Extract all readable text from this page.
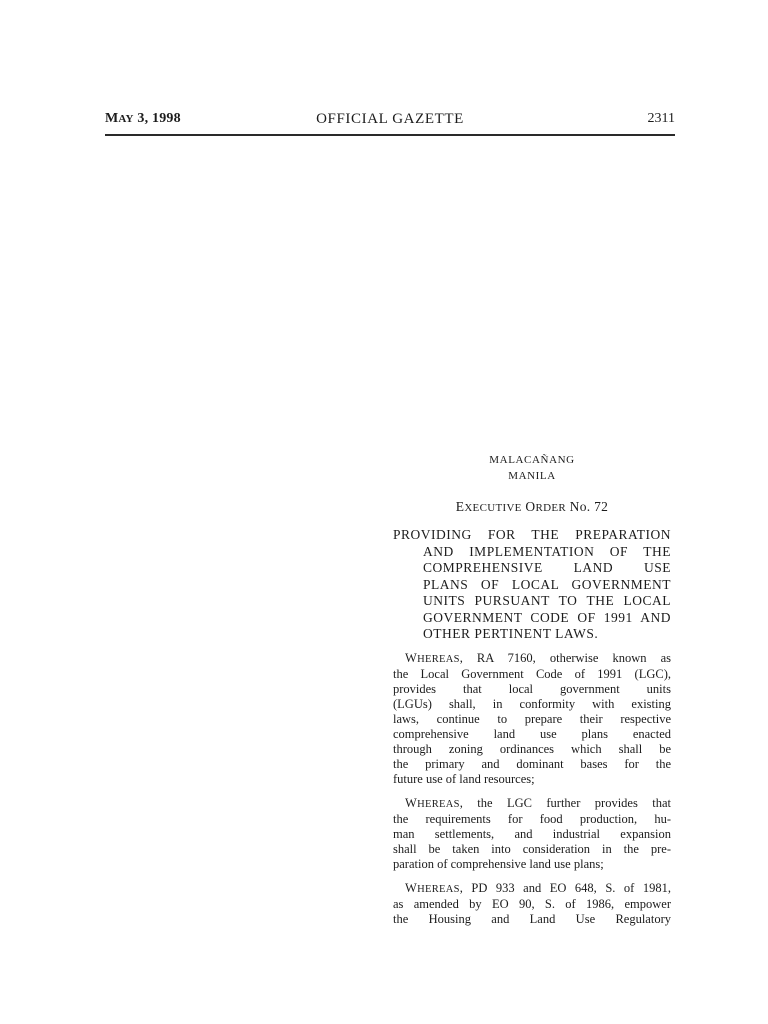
MAY 3, 1998	OFFICIAL GAZETTE	2311

MALACAÑANG

MANILA

EXECUTIVE ORDER No. 72

PROVIDING FOR THE PREPARATION
AND IMPLEMENTATION OF THE
COMPREHENSIVE LAND USE
PLANS OF LOCAL GOVERNMENT
UNITS PURSUANT TO THE LOCAL
GOVERNMENT CODE OF 1991 AND
OTHER PERTINENT LAWS.
WHEREAS, RA 7160, otherwise known as
the Local Government Code of 1991 (LGC),
provides that local government units
(LGUs) shall, in conformity with existing
laws, continue to prepare their respective
comprehensive land use plans enacted
through zoning ordinances which shall be
the primary and dominant bases for the
future use of land resources;
WHEREAS, the LGC further provides that
the requirements for food production, hu-
man settlements, and industrial expansion
shall be taken into consideration in the pre-
paration of comprehensive land use plans;
WHEREAS, PD 933 and EO 648, S. of 1981,
as amended by EO 90, S. of 1986, empower
the Housing and Land Use Regulatory
